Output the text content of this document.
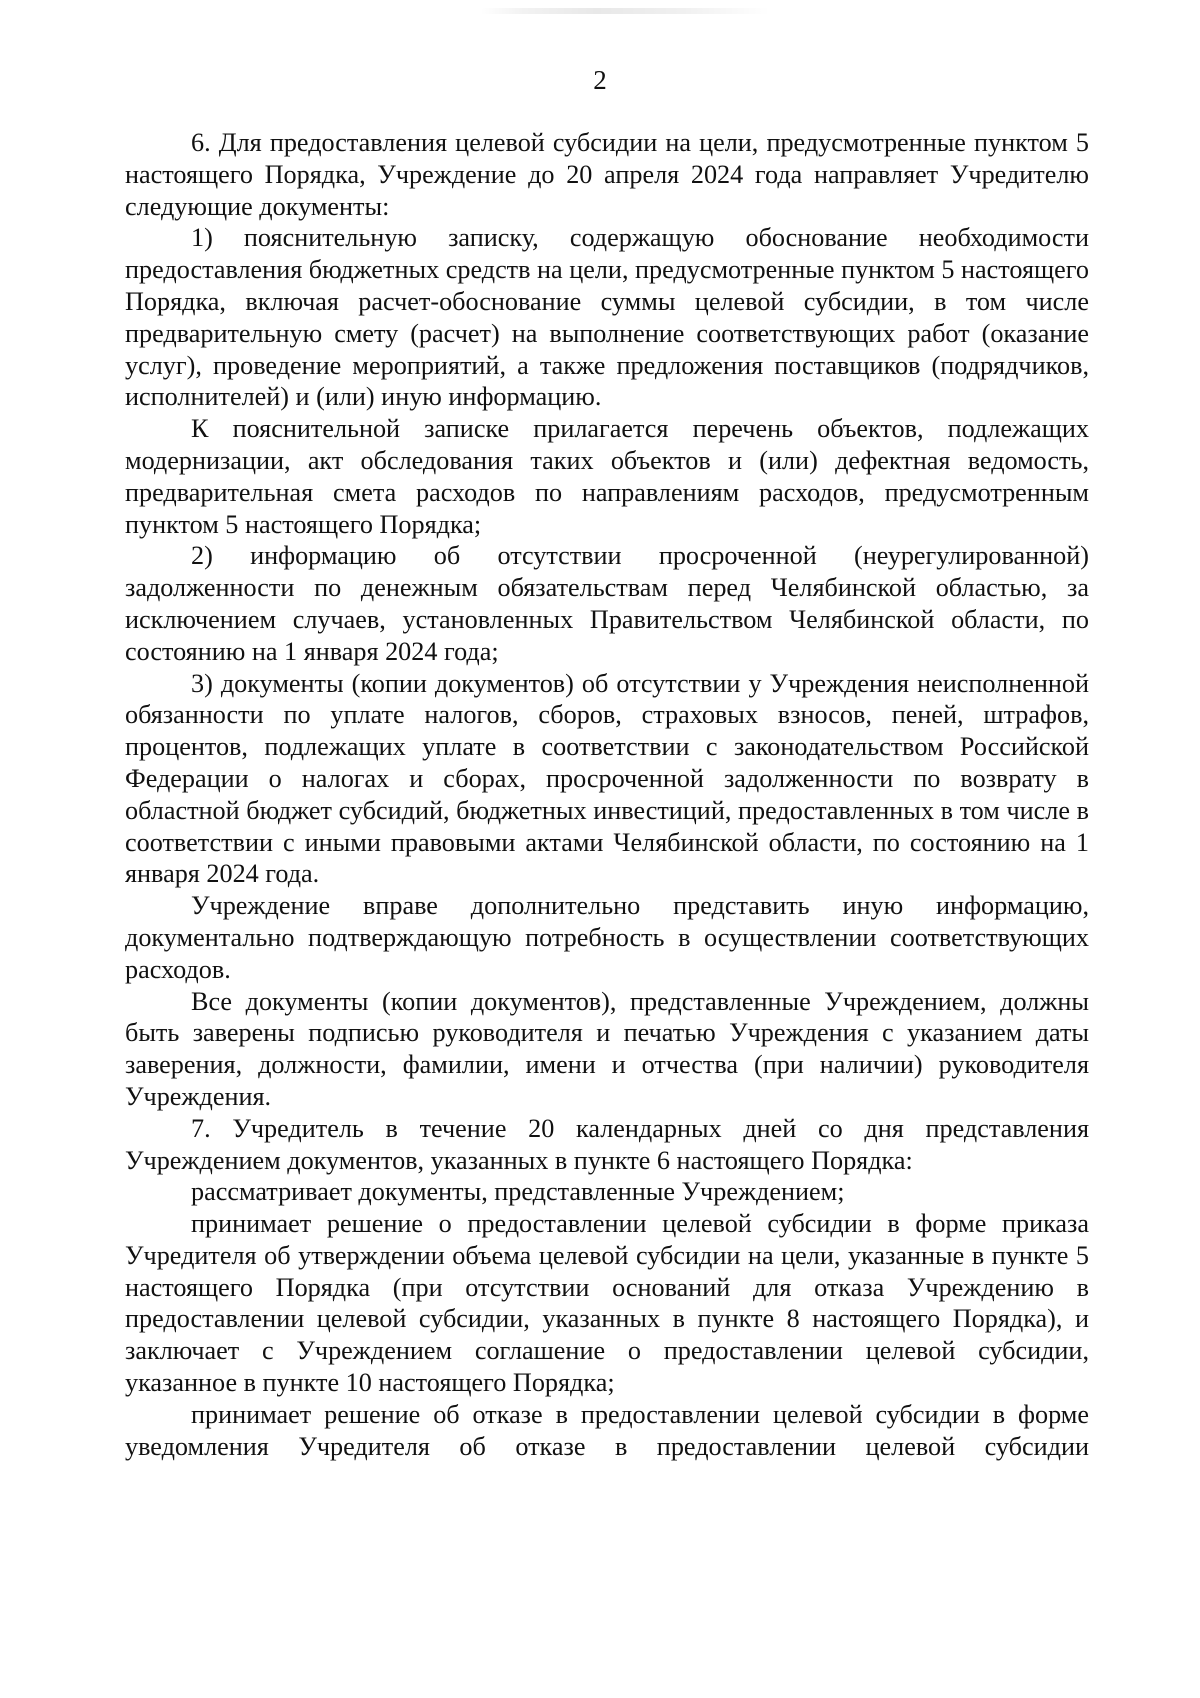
2

6. Для предоставления целевой субсидии на цели, предусмотренные пунктом 5 настоящего Порядка, Учреждение до 20 апреля 2024 года направляет Учредителю следующие документы:

1) пояснительную записку, содержащую обоснование необходимости предоставления бюджетных средств на цели, предусмотренные пунктом 5 настоящего Порядка, включая расчет-обоснование суммы целевой субсидии, в том числе предварительную смету (расчет) на выполнение соответствующих работ (оказание услуг), проведение мероприятий, а также предложения поставщиков (подрядчиков, исполнителей) и (или) иную информацию.

К пояснительной записке прилагается перечень объектов, подлежащих модернизации, акт обследования таких объектов и (или) дефектная ведомость, предварительная смета расходов по направлениям расходов, предусмотренным пунктом 5 настоящего Порядка;

2) информацию об отсутствии просроченной (неурегулированной) задолженности по денежным обязательствам перед Челябинской областью, за исключением случаев, установленных Правительством Челябинской области, по состоянию на 1 января 2024 года;

3) документы (копии документов) об отсутствии у Учреждения неисполненной обязанности по уплате налогов, сборов, страховых взносов, пеней, штрафов, процентов, подлежащих уплате в соответствии с законодательством Российской Федерации о налогах и сборах, просроченной задолженности по возврату в областной бюджет субсидий, бюджетных инвестиций, предоставленных в том числе в соответствии с иными правовыми актами Челябинской области, по состоянию на 1 января 2024 года.

Учреждение вправе дополнительно представить иную информацию, документально подтверждающую потребность в осуществлении соответствующих расходов.

Все документы (копии документов), представленные Учреждением, должны быть заверены подписью руководителя и печатью Учреждения с указанием даты заверения, должности, фамилии, имени и отчества (при наличии) руководителя Учреждения.

7. Учредитель в течение 20 календарных дней со дня представления Учреждением документов, указанных в пункте 6 настоящего Порядка:

рассматривает документы, представленные Учреждением;

принимает решение о предоставлении целевой субсидии в форме приказа Учредителя об утверждении объема целевой субсидии на цели, указанные в пункте 5 настоящего Порядка (при отсутствии оснований для отказа Учреждению в предоставлении целевой субсидии, указанных в пункте 8 настоящего Порядка), и заключает с Учреждением соглашение о предоставлении целевой субсидии, указанное в пункте 10 настоящего Порядка;

принимает решение об отказе в предоставлении целевой субсидии в форме уведомления Учредителя об отказе в предоставлении целевой субсидии
